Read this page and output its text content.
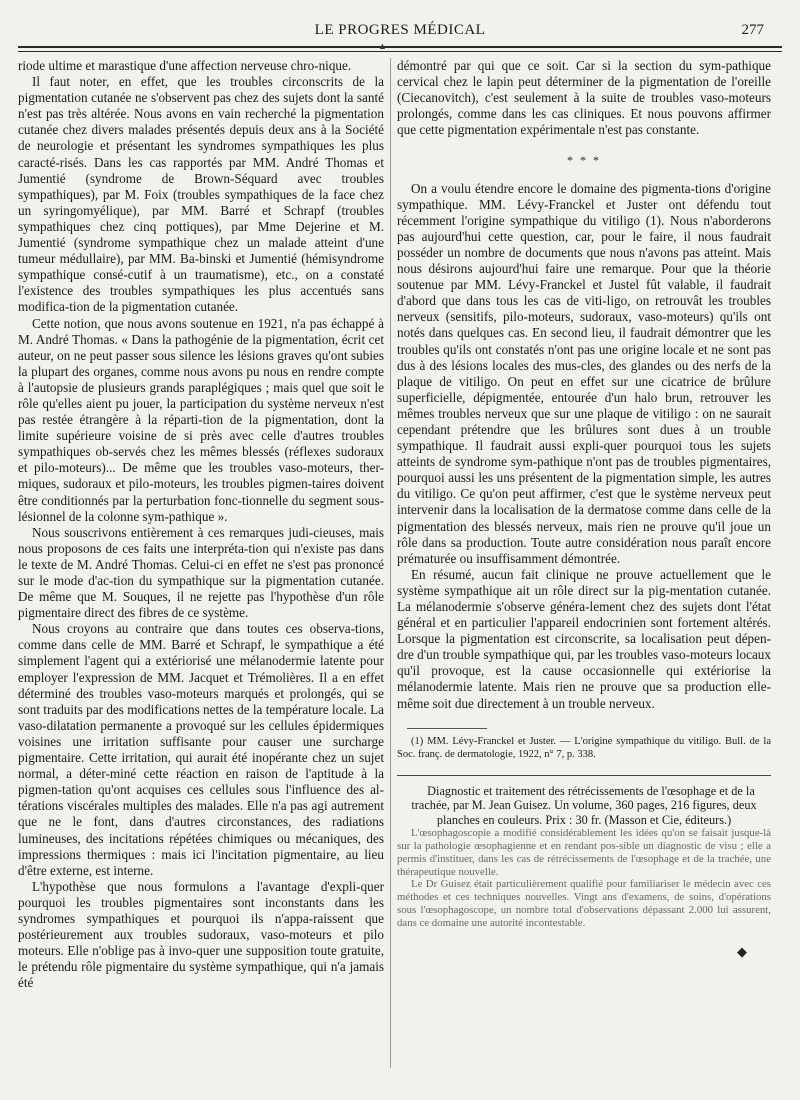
LE PROGRES MÉDICAL	277
▲

riode ultime et marastique d'une affection nerveuse chro-nique.

Il faut noter, en effet, que les troubles circonscrits de la pigmentation cutanée ne s'observent pas chez des sujets dont la santé n'est pas très altérée. Nous avons en vain recherché la pigmentation cutanée chez divers malades présentés depuis deux ans à la Société de neurologie et présentant les syndromes sympathiques les plus caracté-risés. Dans les cas rapportés par MM. André Thomas et Jumentié (syndrome de Brown-Séquard avec troubles sympathiques), par M. Foix (troubles sympathiques de la face chez un syringomyélique), par MM. Barré et Schrapf (troubles sympathiques chez cinq pottiques), par Mme Dejerine et M. Jumentié (syndrome sympathique chez un malade atteint d'une tumeur médullaire), par MM. Ba-binski et Jumentié (hémisyndrome sympathique consé-cutif à un traumatisme), etc., on a constaté l'existence des troubles sympathiques les plus accentués sans modifica-tion de la pigmentation cutanée.

Cette notion, que nous avons soutenue en 1921, n'a pas échappé à M. André Thomas. « Dans la pathogénie de la pigmentation, écrit cet auteur, on ne peut passer sous silence les lésions graves qu'ont subies la plupart des organes, comme nous avons pu nous en rendre compte à l'autopsie de plusieurs grands paraplégiques ; mais quel que soit le rôle qu'elles aient pu jouer, la participation du système nerveux n'est pas restée étrangère à la réparti-tion de la pigmentation, dont la limite supérieure voisine de si près avec celle d'autres troubles sympathiques ob-servés chez les mêmes blessés (réflexes sudoraux et pilo-moteurs)... De même que les troubles vaso-moteurs, ther-miques, sudoraux et pilo-moteurs, les troubles pigmen-taires doivent être conditionnés par la perturbation fonc-tionnelle du segment sous-lésionnel de la colonne sym-pathique ».

Nous souscrivons entièrement à ces remarques judi-cieuses, mais nous proposons de ces faits une interpréta-tion qui n'existe pas dans le texte de M. André Thomas. Celui-ci en effet ne s'est pas prononcé sur le mode d'ac-tion du sympathique sur la pigmentation cutanée. De même que M. Souques, il ne rejette pas l'hypothèse d'un rôle pigmentaire direct des fibres de ce système.

Nous croyons au contraire que dans toutes ces observa-tions, comme dans celle de MM. Barré et Schrapf, le sympathique a été simplement l'agent qui a extériorisé une mélanodermie latente pour employer l'expression de MM. Jacquet et Trémolières. Il a en effet déterminé des troubles vaso-moteurs marqués et prolongés, qui se sont traduits par des modifications nettes de la température locale. La vaso-dilatation permanente a provoqué sur les cellules épidermiques voisines une irritation suffisante pour causer une surcharge pigmentaire. Cette irritation, qui aurait été inopérante chez un sujet normal, a déter-miné cette réaction en raison de l'aptitude à la pigmen-tation qu'ont acquises ces cellules sous l'influence des al-térations viscérales multiples des malades. Elle n'a pas agi autrement que ne le font, dans d'autres circonstances, des radiations lumineuses, des incitations répétées chimiques ou mécaniques, des impressions thermiques : mais ici l'incitation pigmentaire, au lieu d'être externe, est interne.

L'hypothèse que nous formulons a l'avantage d'expli-quer pourquoi les troubles pigmentaires sont inconstants dans les syndromes sympathiques et pourquoi ils n'appa-raissent que postérieurement aux troubles sudoraux, vaso-moteurs et pilo moteurs. Elle n'oblige pas à invo-quer une supposition toute gratuite, le prétendu rôle pigmentaire du système sympathique, qui n'a jamais été

démontré par qui que ce soit. Car si la section du sym-pathique cervical chez le lapin peut déterminer de la pigmentation de l'oreille (Ciecanovitch), c'est seulement à la suite de troubles vaso-moteurs prolongés, comme dans les cas cliniques. Et nous pouvons affirmer que cette pigmentation expérimentale n'est pas constante.

* * *

On a voulu étendre encore le domaine des pigmenta-tions d'origine sympathique. MM. Lévy-Franckel et Juster ont défendu tout récemment l'origine sympathique du vitiligo (1). Nous n'aborderons pas aujourd'hui cette question, car, pour le faire, il nous faudrait posséder un nombre de documents que nous n'avons pas atteint. Mais nous désirons aujourd'hui faire une remarque. Pour que la théorie soutenue par MM. Lévy-Franckel et Justel fût valable, il faudrait d'abord que dans tous les cas de viti-ligo, on retrouvât les troubles nerveux (sensitifs, pilo-moteurs, sudoraux, vaso-moteurs) qu'ils ont notés dans quelques cas. En second lieu, il faudrait démontrer que les troubles qu'ils ont constatés n'ont pas une origine locale et ne sont pas dus à des lésions locales des mus-cles, des glandes ou des nerfs de la plaque de vitiligo. On peut en effet sur une cicatrice de brûlure superficielle, dépigmentée, entourée d'un halo brun, retrouver les mêmes troubles nerveux que sur une plaque de vitiligo : on ne saurait cependant prétendre que les brûlures sont dues à un trouble sympathique. Il faudrait aussi expli-quer pourquoi tous les sujets atteints de syndrome sym-pathique n'ont pas de troubles pigmentaires, pourquoi aussi les uns présentent de la pigmentation simple, les autres du vitiligo. Ce qu'on peut affirmer, c'est que le système nerveux peut intervenir dans la localisation de la dermatose comme dans celle de la pigmentation des blessés nerveux, mais rien ne prouve qu'il joue un rôle dans sa production. Toute autre considération nous paraît encore prématurée ou insuffisamment démontrée.

En résumé, aucun fait clinique ne prouve actuellement que le système sympathique ait un rôle direct sur la pig-mentation cutanée. La mélanodermie s'observe généra-lement chez des sujets dont l'état général et en particulier l'appareil endocrinien sont fortement altérés. Lorsque la pigmentation est circonscrite, sa localisation peut dépen-dre d'un trouble sympathique qui, par les troubles vaso-moteurs locaux qu'il provoque, est la cause occasionnelle qui extériorise la mélanodermie latente. Mais rien ne prouve que sa production elle-même soit due directement à un trouble nerveux.

(1) MM. Lévy-Franckel et Juster. — L'origine sympathique du vitiligo. Bull. de la Soc. franç. de dermatologie, 1922, n° 7, p. 338.

Diagnostic et traitement des rétrécissements de l'œsophage et de la trachée, par M. Jean Guisez. Un volume, 360 pages, 216 figures, deux planches en couleurs. Prix : 30 fr. (Masson et Cie, éditeurs.)

L'œsophagoscopie a modifié considérablement les idées qu'on se faisait jusque-là sur la pathologie œsophagienne et en rendant pos-sible un diagnostic de visu ; elle a permis d'instituer, dans les cas de rétrécissements de l'œsophage et de la trachée, une thérapeutique nouvelle.

Le Dr Guisez était particulièrement qualifié pour familiariser le médecin avec ces méthodes et ces techniques nouvelles. Vingt ans d'examens, de soins, d'opérations sous l'œsophagoscope, un nombre total d'observations dépassant 2.000 lui assurent, dans ce domaine une autorité incontestable.

◆
